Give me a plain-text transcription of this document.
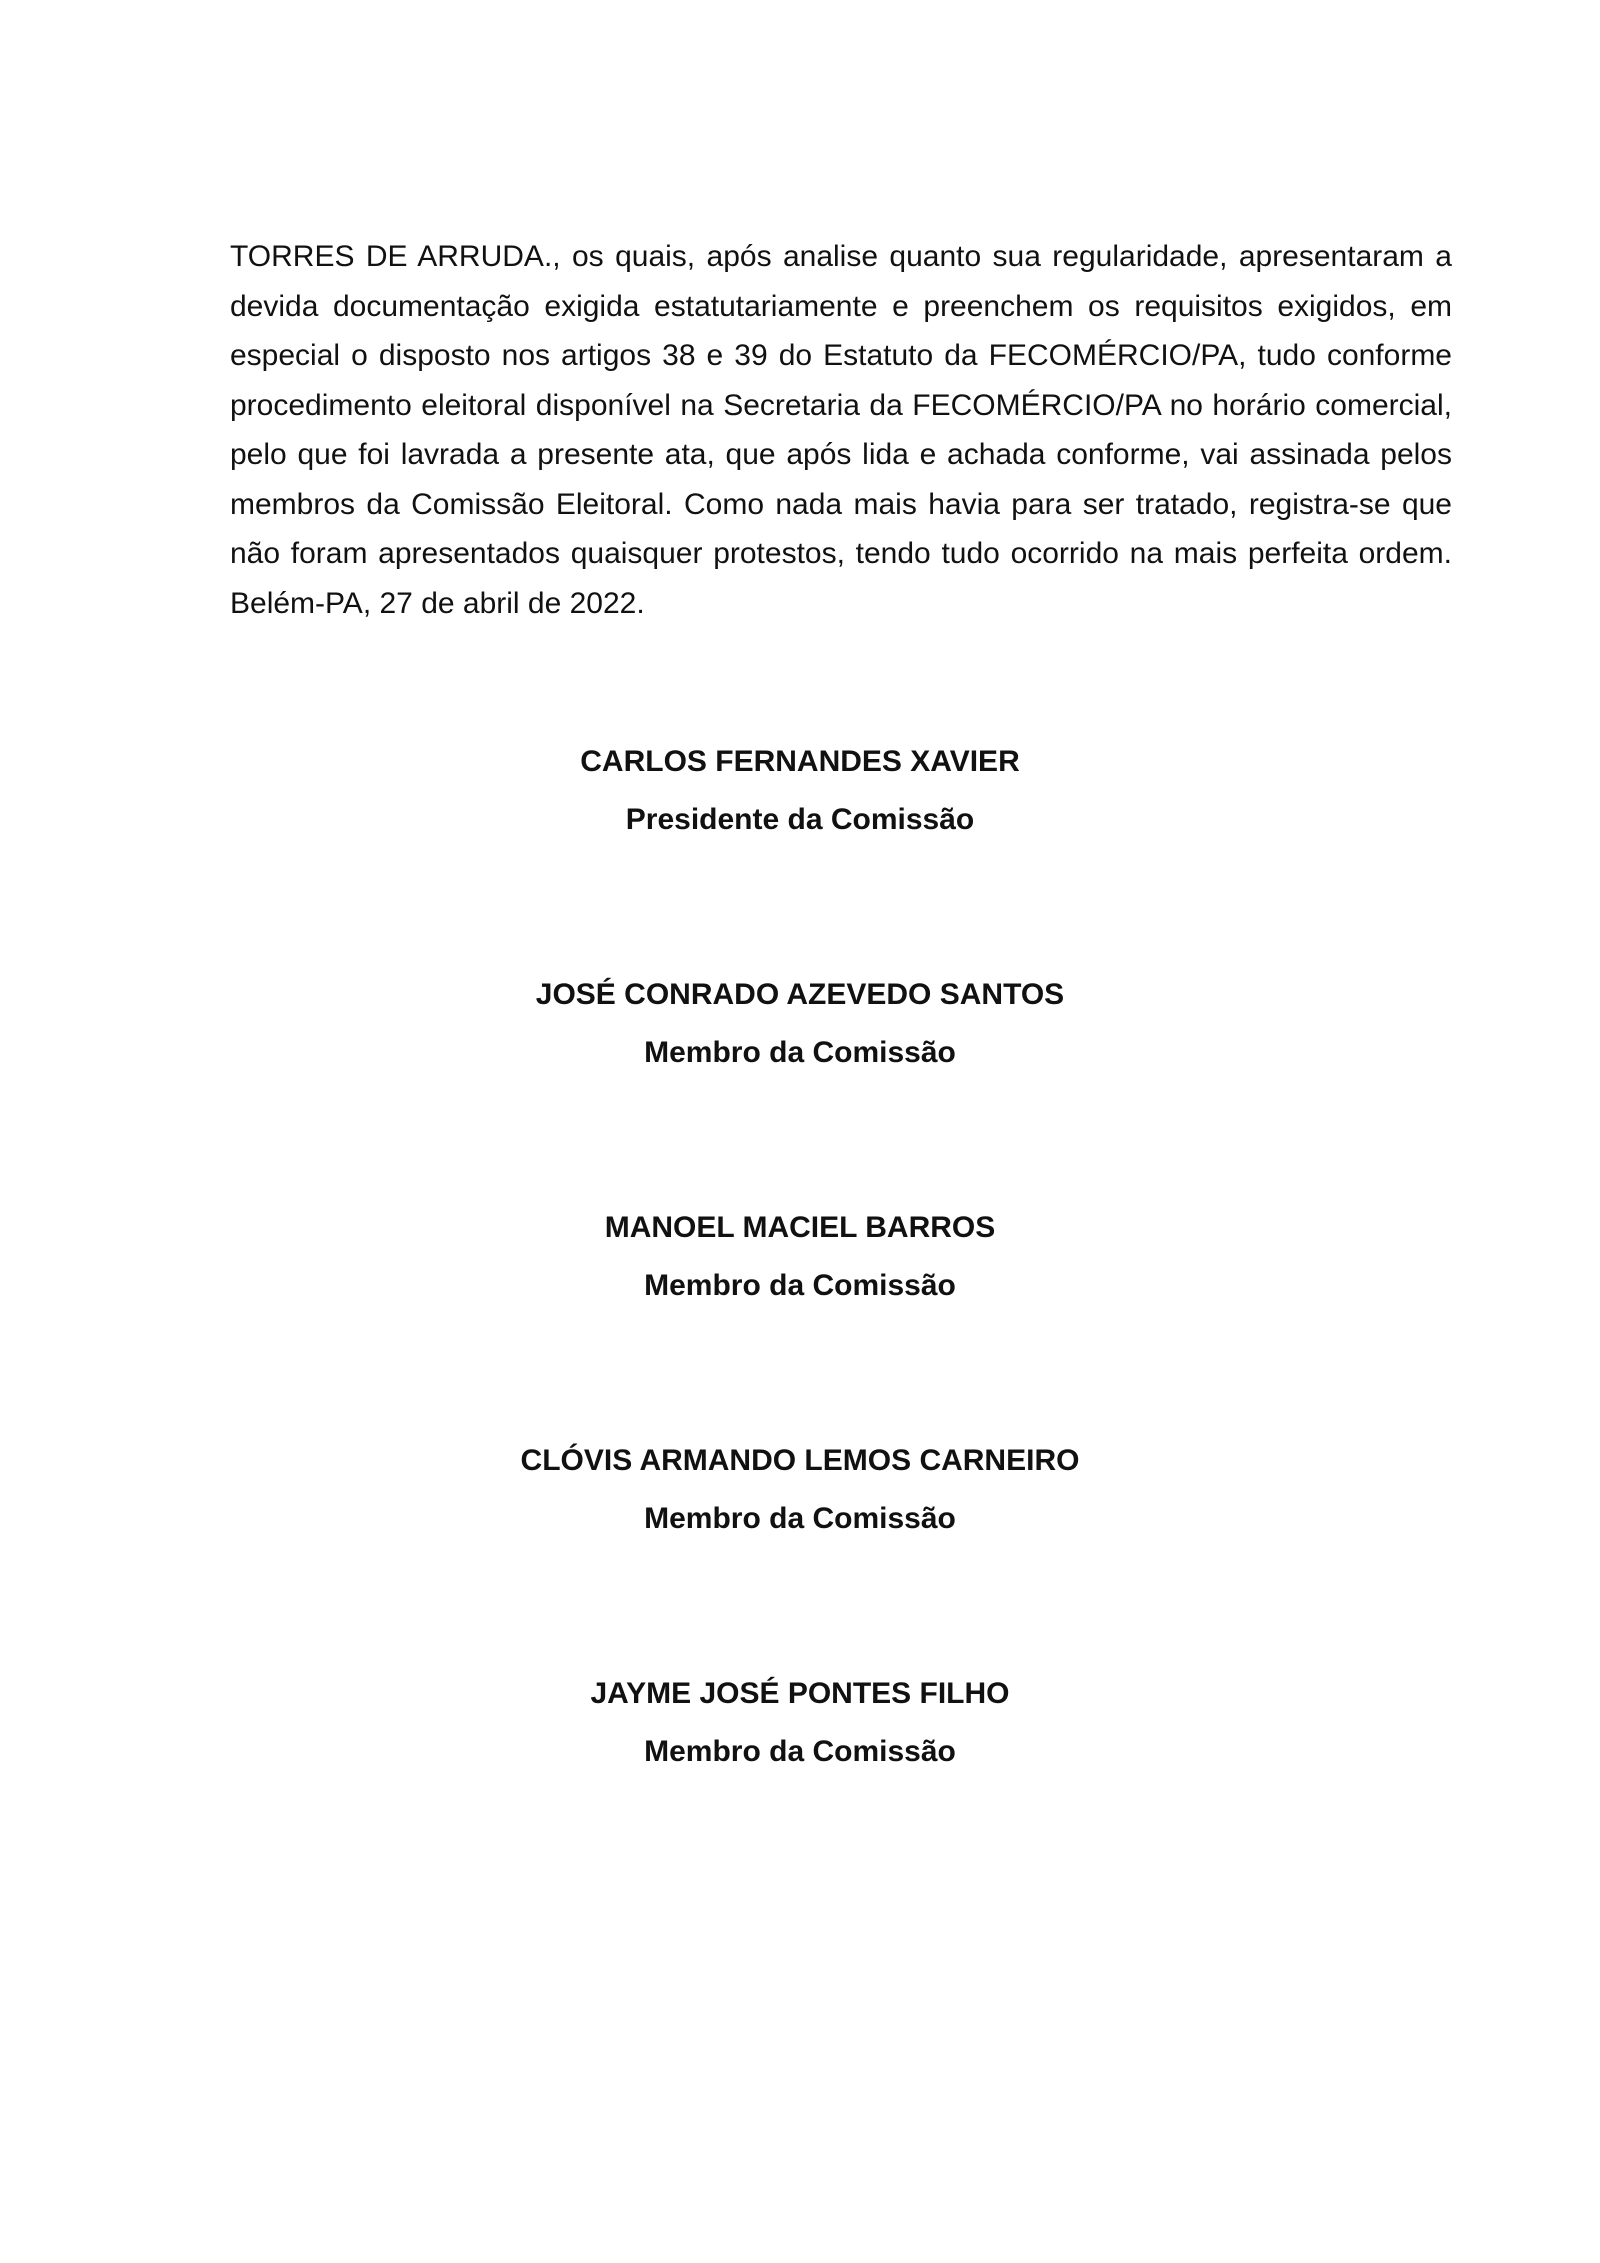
TORRES DE ARRUDA., os quais, após analise quanto sua regularidade, apresentaram a devida documentação exigida estatutariamente e preenchem os requisitos exigidos, em especial o disposto nos artigos 38 e 39 do Estatuto da FECOMÉRCIO/PA, tudo conforme procedimento eleitoral disponível na Secretaria da FECOMÉRCIO/PA no horário comercial, pelo que foi lavrada a presente ata, que após lida e achada conforme, vai assinada pelos membros da Comissão Eleitoral. Como nada mais havia para ser tratado, registra-se que não foram apresentados quaisquer protestos, tendo tudo ocorrido na mais perfeita ordem. Belém-PA, 27 de abril de 2022.

CARLOS FERNANDES XAVIER

Presidente da Comissão

JOSÉ CONRADO AZEVEDO SANTOS

Membro da Comissão

MANOEL MACIEL BARROS

Membro da Comissão

CLÓVIS ARMANDO LEMOS CARNEIRO

Membro da Comissão

JAYME JOSÉ PONTES FILHO

Membro da Comissão
